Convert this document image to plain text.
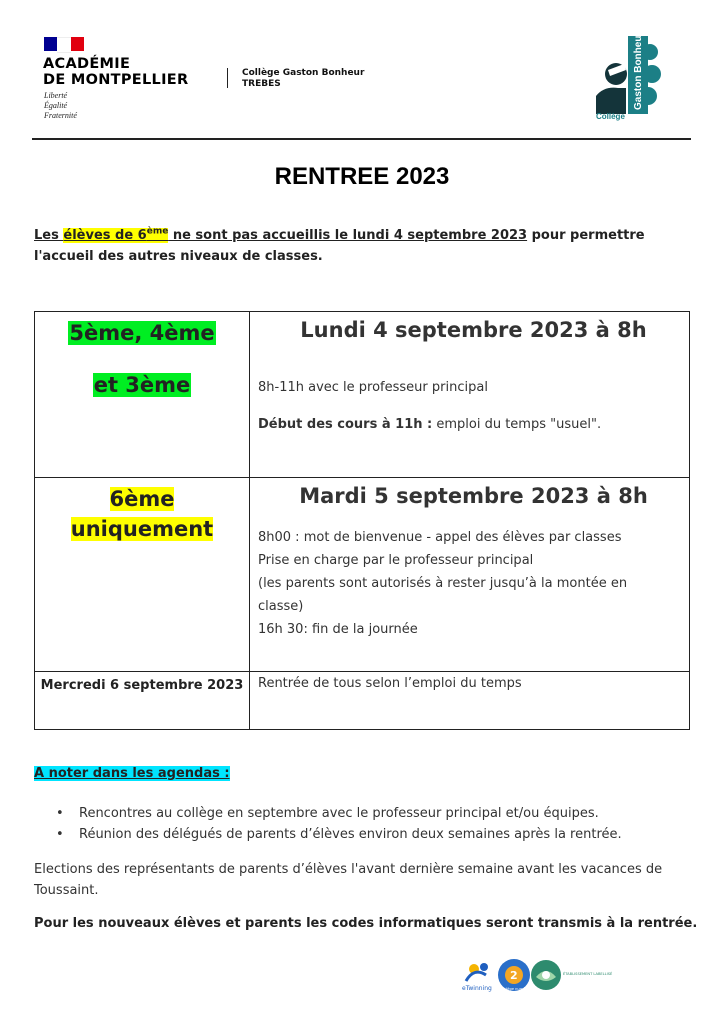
ACADÉMIE
DE MONTPELLIER
Liberté
Égalité
Fraternité
Collège Gaston Bonheur
TREBES	Gaston Bonheur
Collège
RENTREE 2023
Les élèves de 6ème ne sont pas accueillis le lundi 4 septembre 2023 pour permettre l'accueil des autres niveaux de classes.
5ème, 4ème
et 3ème
Lundi 4 septembre 2023 à 8h
8h-11h avec le professeur principal
Début des cours à 11h : emploi du temps "usuel".
6ème
uniquement
Mardi 5 septembre 2023 à 8h
8h00 : mot de bienvenue - appel des élèves par classes
Prise en charge par le professeur principal
(les parents sont autorisés à rester jusqu’à la montée en classe)
16h 30: fin de la journée
Mercredi 6 septembre 2023	Rentrée de tous selon l’emploi du temps
A noter dans les agendas :
• Rencontres au collège en septembre avec le professeur principal et/ou équipes.
• Réunion des délégués de parents d’élèves environ deux semaines après la rentrée.
Elections des représentants de parents d’élèves l'avant dernière semaine avant les vacances de Toussaint.
Pour les nouveaux élèves et parents les codes informatiques seront transmis à la rentrée.
eTwinning
2
Collège numérique
ÉTABLISSEMENT LABELLISÉ
